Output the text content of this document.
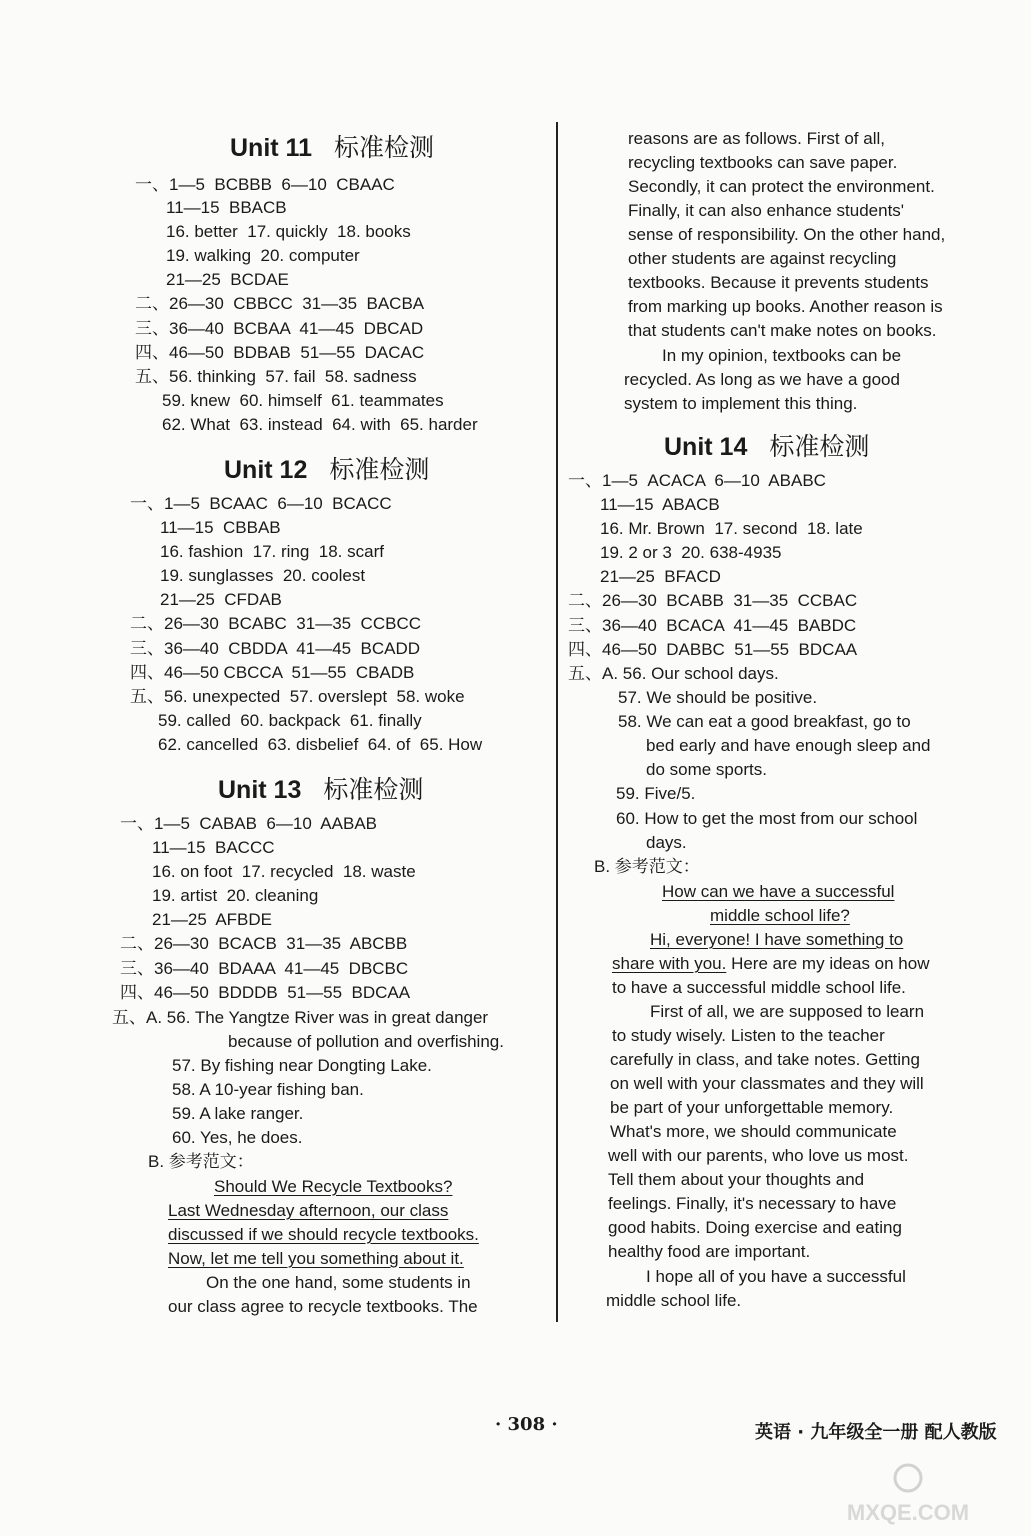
Unit 11 标准检测
一、1—5  BCBBB  6—10  CBAAC
11—15  BBACB
16. better  17. quickly  18. books
19. walking  20. computer
21—25  BCDAE
二、26—30  CBBCC  31—35  BACBA
三、36—40  BCBAA  41—45  DBCAD
四、46—50  BDBAB  51—55  DACAC
五、56. thinking  57. fail  58. sadness
59. knew  60. himself  61. teammates
62. What  63. instead  64. with  65. harder
Unit 12 标准检测
一、1—5  BCAAC  6—10  BCACC
11—15  CBBAB
16. fashion  17. ring  18. scarf
19. sunglasses  20. coolest
21—25  CFDAB
二、26—30  BCABC  31—35  CCBCC
三、36—40  CBDDA  41—45  BCADD
四、46—50 CBCCA  51—55  CBADB
五、56. unexpected  57. overslept  58. woke
59. called  60. backpack  61. finally
62. cancelled  63. disbelief  64. of  65. How
Unit 13 标准检测
一、1—5  CABAB  6—10  AABAB
11—15  BACCC
16. on foot  17. recycled  18. waste
19. artist  20. cleaning
21—25  AFBDE
二、26—30  BCACB  31—35  ABCBB
三、36—40  BDAAA  41—45  DBCBC
四、46—50  BDDDB  51—55  BDCAA
五、A. 56. The Yangtze River was in great danger
because of pollution and overfishing.
57. By fishing near Dongting Lake.
58. A 10-year fishing ban.
59. A lake ranger.
60. Yes, he does.
B. 参考范文：
Should We Recycle Textbooks?
Last Wednesday afternoon, our class
discussed if we should recycle textbooks.
Now, let me tell you something about it.
On the one hand, some students in
our class agree to recycle textbooks. The
reasons are as follows. First of all,
recycling textbooks can save paper.
Secondly, it can protect the environment.
Finally, it can also enhance students'
sense of responsibility. On the other hand,
other students are against recycling
textbooks. Because it prevents students
from marking up books. Another reason is
that students can't make notes on books.
In my opinion, textbooks can be
recycled. As long as we have a good
system to implement this thing.
Unit 14 标准检测
一、1—5  ACACA  6—10  ABABC
11—15  ABACB
16. Mr. Brown  17. second  18. late
19. 2 or 3  20. 638-4935
21—25  BFACD
二、26—30  BCABB  31—35  CCBAC
三、36—40  BCACA  41—45  BABDC
四、46—50  DABBC  51—55  BDCAA
五、A. 56. Our school days.
57. We should be positive.
58. We can eat a good breakfast, go to
bed early and have enough sleep and
do some sports.
59. Five/5.
60. How to get the most from our school
days.
B. 参考范文：
How can we have a successful
middle school life?
Hi, everyone! I have something to
share with you. Here are my ideas on how
to have a successful middle school life.
First of all, we are supposed to learn
to study wisely. Listen to the teacher
carefully in class, and take notes. Getting
on well with your classmates and they will
be part of your unforgettable memory.
What's more, we should communicate
well with our parents, who love us most.
Tell them about your thoughts and
feelings. Finally, it's necessary to have
good habits. Doing exercise and eating
healthy food are important.
I hope all of you have a successful
middle school life.
· 308 ·	英语 · 九年级全一册 配人教版
MXQE.COM
